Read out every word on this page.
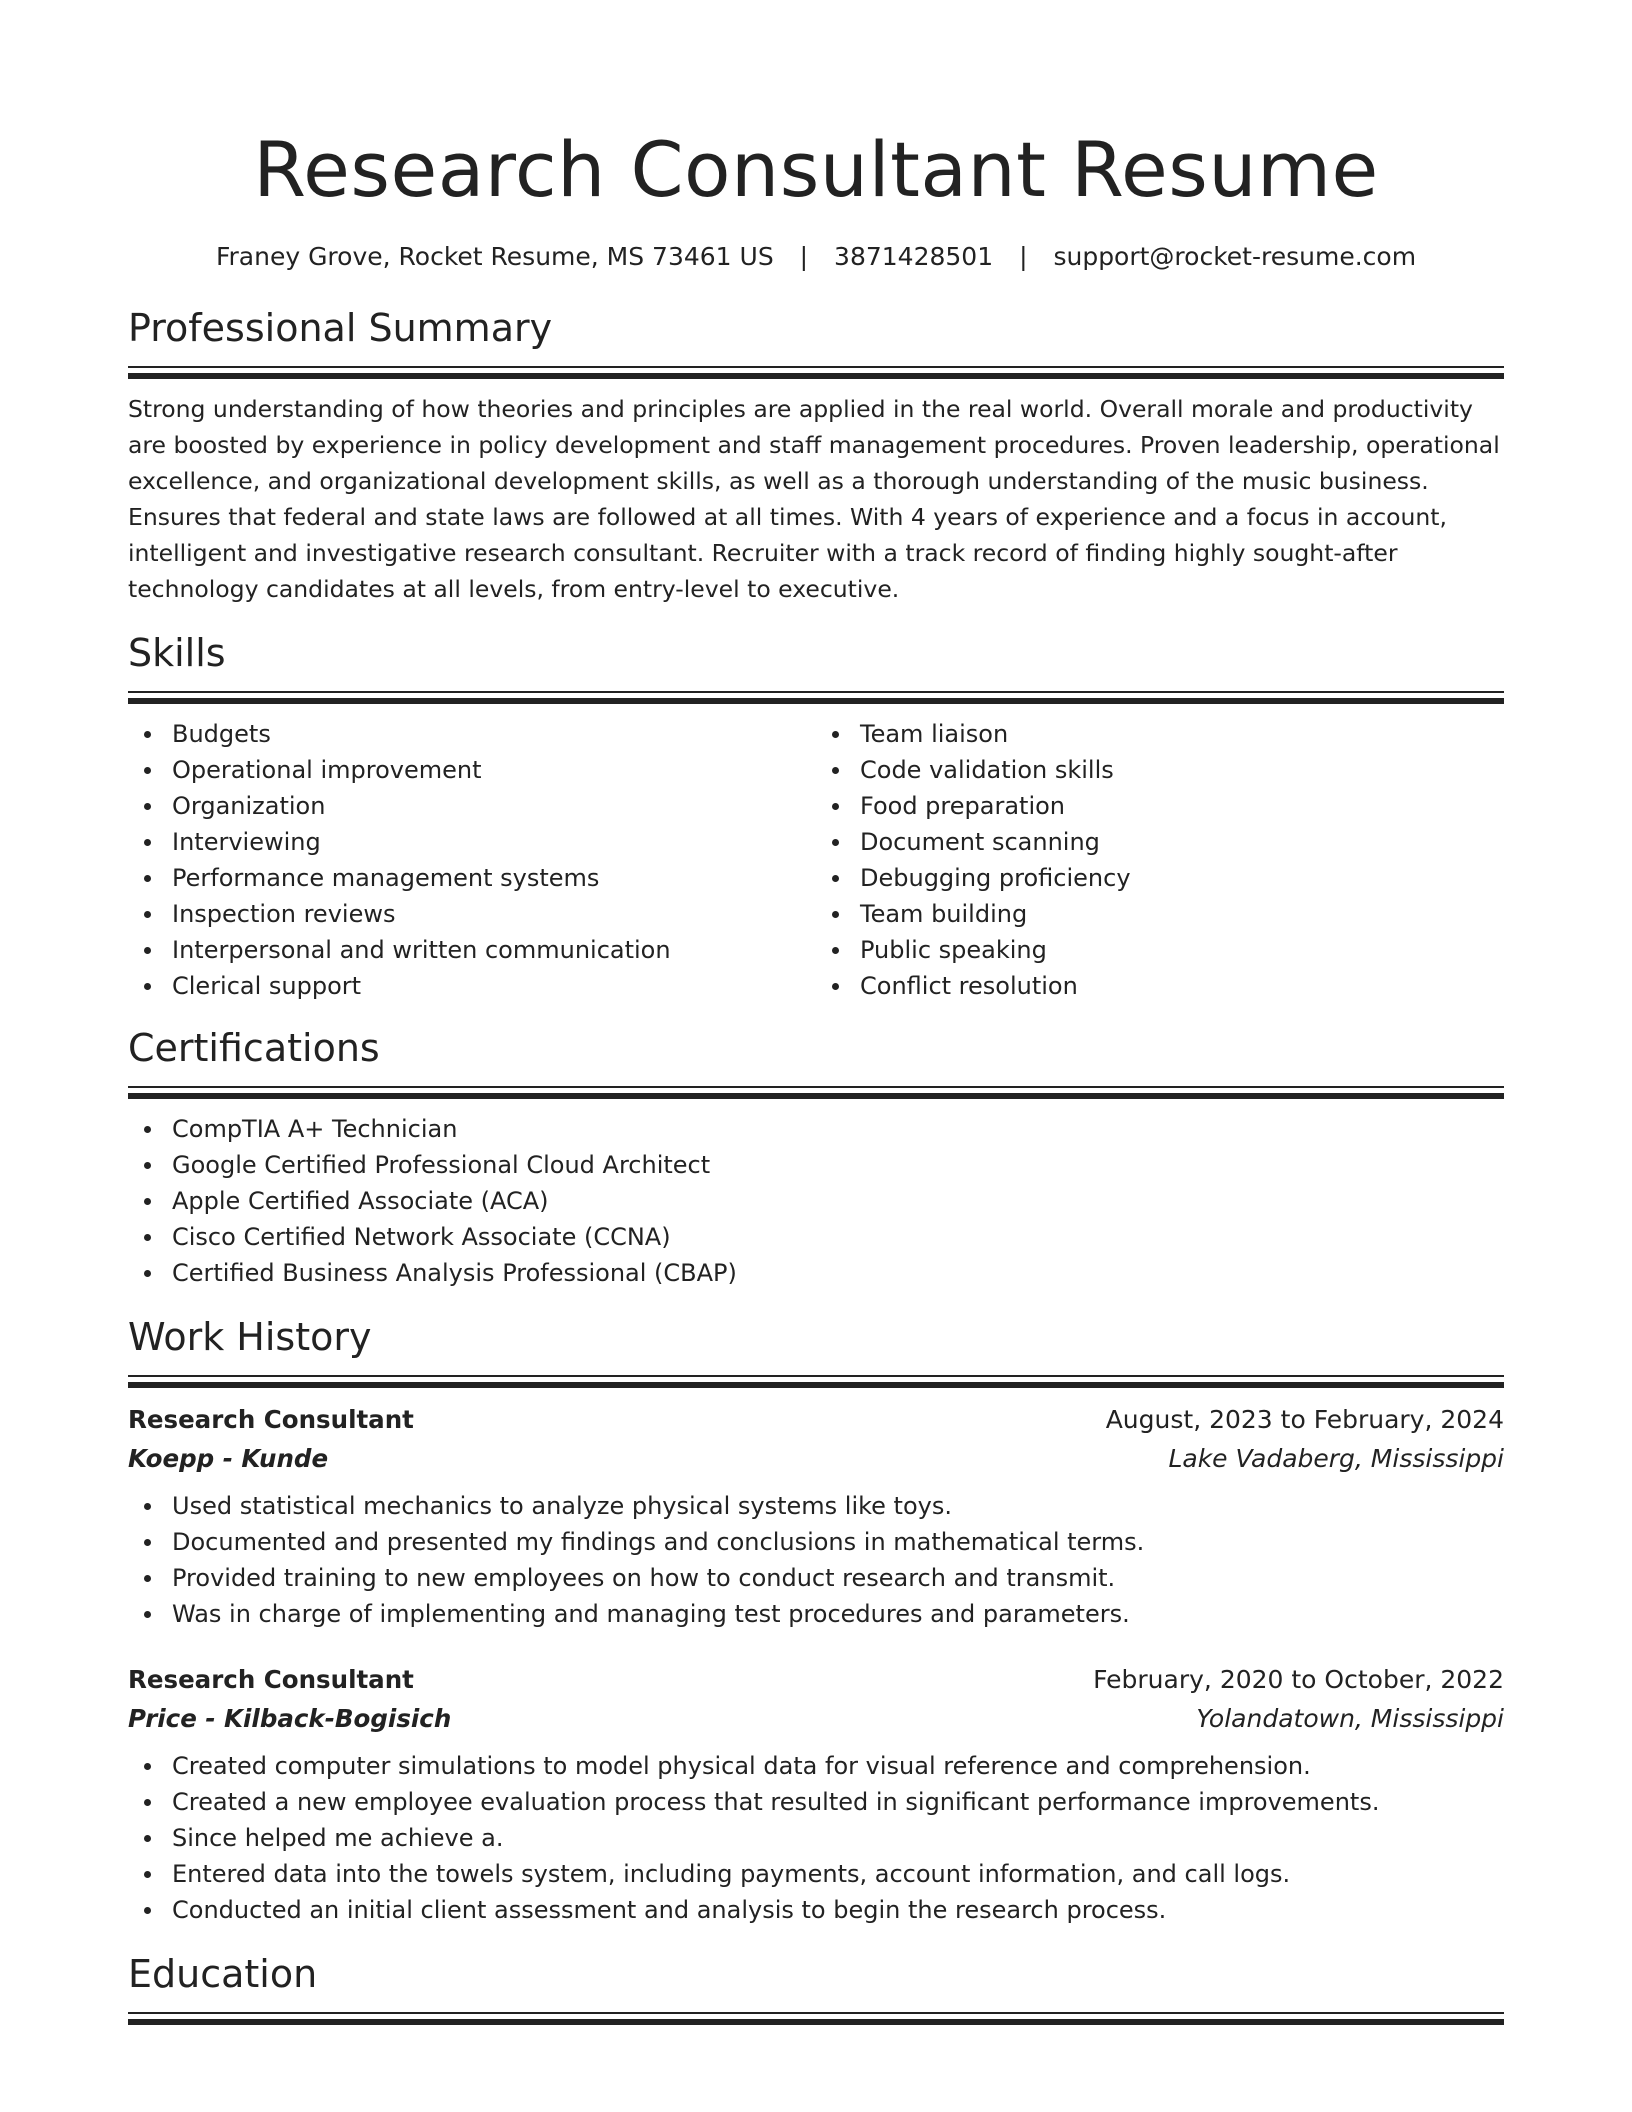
Research Consultant Resume
Franey Grove, Rocket Resume, MS 73461 US | 3871428501 | support@rocket-resume.com
Professional Summary

Strong understanding of how theories and principles are applied in the real world. Overall morale and productivity are boosted by experience in policy development and staff management procedures. Proven leadership, operational excellence, and organizational development skills, as well as a thorough understanding of the music business. Ensures that federal and state laws are followed at all times. With 4 years of experience and a focus in account, intelligent and investigative research consultant. Recruiter with a track record of finding highly sought-after technology candidates at all levels, from entry-level to executive.

Skills
Budgets
Operational improvement
Organization
Interviewing
Performance management systems
Inspection reviews
Interpersonal and written communication
Clerical support
Team liaison
Code validation skills
Food preparation
Document scanning
Debugging proficiency
Team building
Public speaking
Conflict resolution
Certifications
CompTIA A+ Technician
Google Certified Professional Cloud Architect
Apple Certified Associate (ACA)
Cisco Certified Network Associate (CCNA)
Certified Business Analysis Professional (CBAP)
Work History
Research Consultant	August, 2023 to February, 2024
Koepp - Kunde	Lake Vadaberg, Mississippi
Used statistical mechanics to analyze physical systems like toys.
Documented and presented my findings and conclusions in mathematical terms.
Provided training to new employees on how to conduct research and transmit.
Was in charge of implementing and managing test procedures and parameters.
Research Consultant	February, 2020 to October, 2022
Price - Kilback-Bogisich	Yolandatown, Mississippi
Created computer simulations to model physical data for visual reference and comprehension.
Created a new employee evaluation process that resulted in significant performance improvements.
Since helped me achieve a.
Entered data into the towels system, including payments, account information, and call logs.
Conducted an initial client assessment and analysis to begin the research process.
Education
